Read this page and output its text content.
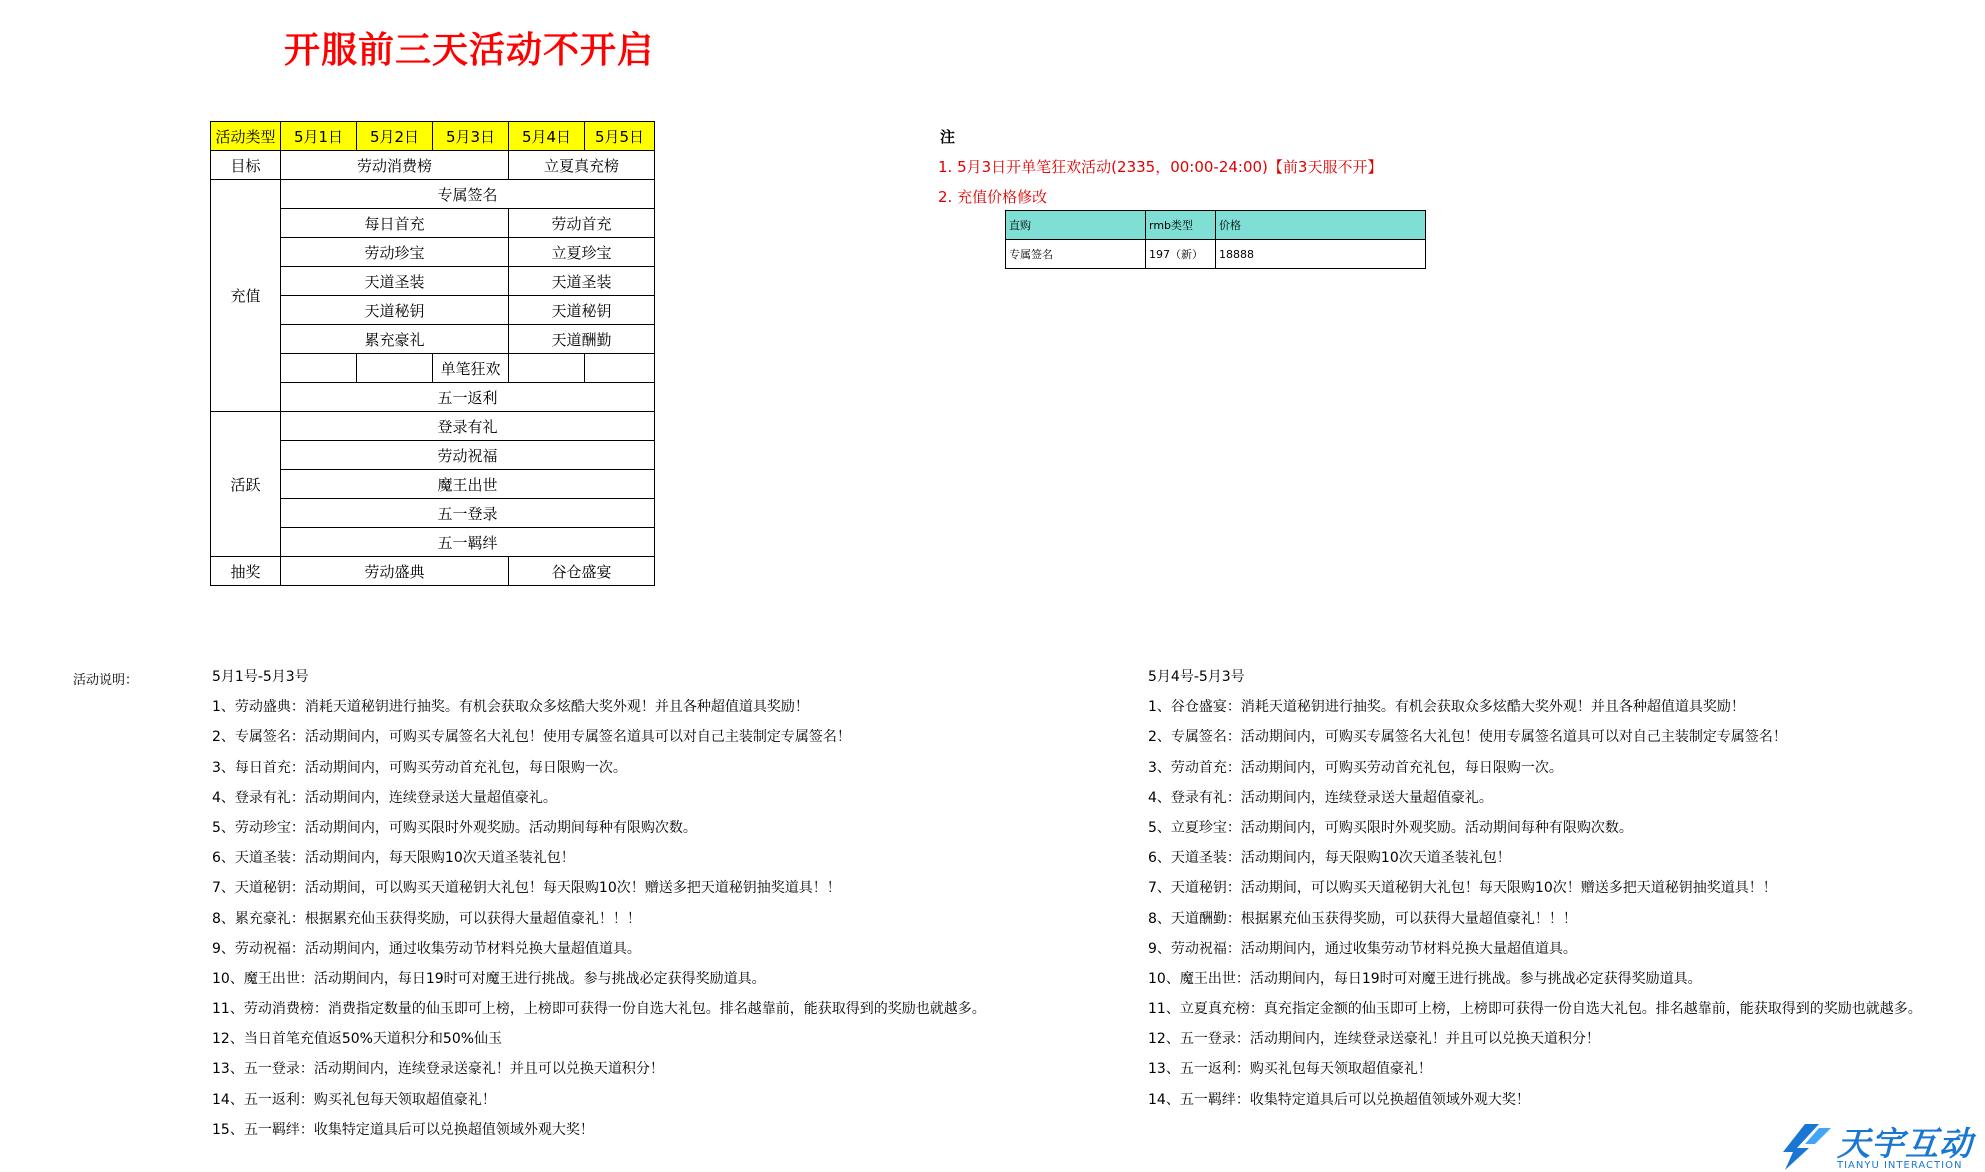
开服前三天活动不开启
活动类型	5月1日	5月2日	5月3日	5月4日	5月5日
目标	劳动消费榜			立夏真充榜	
充值	专属签名				
	每日首充			劳动首充	
	劳动珍宝			立夏珍宝	
	天道圣装			天道圣装	
	天道秘钥			天道秘钥	
	累充豪礼			天道酬勤	
			单笔狂欢		
	五一返利				
活跃	登录有礼				
	劳动祝福				
	魔王出世				
	五一登录				
	五一羁绊				
抽奖	劳动盛典			谷仓盛宴	
注
1. 5月3日开单笔狂欢活动(2335，00:00-24:00)【前3天服不开】
2. 充值价格修改
直购	rmb类型	价格
专属签名	197（新）	18888
活动说明：	5月1号-5月3号
1、劳动盛典：消耗天道秘钥进行抽奖。有机会获取众多炫酷大奖外观！并且各种超值道具奖励！
2、专属签名：活动期间内，可购买专属签名大礼包！使用专属签名道具可以对自己主装制定专属签名！
3、每日首充：活动期间内，可购买劳动首充礼包，每日限购一次。
4、登录有礼：活动期间内，连续登录送大量超值豪礼。
5、劳动珍宝：活动期间内，可购买限时外观奖励。活动期间每种有限购次数。
6、天道圣装：活动期间内，每天限购10次天道圣装礼包！
7、天道秘钥：活动期间，可以购买天道秘钥大礼包！每天限购10次！赠送多把天道秘钥抽奖道具！！
8、累充豪礼：根据累充仙玉获得奖励，可以获得大量超值豪礼！！！
9、劳动祝福：活动期间内，通过收集劳动节材料兑换大量超值道具。
10、魔王出世：活动期间内，每日19时可对魔王进行挑战。参与挑战必定获得奖励道具。
11、劳动消费榜：消费指定数量的仙玉即可上榜，上榜即可获得一份自选大礼包。排名越靠前，能获取得到的奖励也就越多。
12、当日首笔充值返50%天道积分和50%仙玉
13、五一登录：活动期间内，连续登录送豪礼！并且可以兑换天道积分！
14、五一返利：购买礼包每天领取超值豪礼！
15、五一羁绊：收集特定道具后可以兑换超值领域外观大奖！
5月4号-5月3号
1、谷仓盛宴：消耗天道秘钥进行抽奖。有机会获取众多炫酷大奖外观！并且各种超值道具奖励！
2、专属签名：活动期间内，可购买专属签名大礼包！使用专属签名道具可以对自己主装制定专属签名！
3、劳动首充：活动期间内，可购买劳动首充礼包，每日限购一次。
4、登录有礼：活动期间内，连续登录送大量超值豪礼。
5、立夏珍宝：活动期间内，可购买限时外观奖励。活动期间每种有限购次数。
6、天道圣装：活动期间内，每天限购10次天道圣装礼包！
7、天道秘钥：活动期间，可以购买天道秘钥大礼包！每天限购10次！赠送多把天道秘钥抽奖道具！！
8、天道酬勤：根据累充仙玉获得奖励，可以获得大量超值豪礼！！！
9、劳动祝福：活动期间内，通过收集劳动节材料兑换大量超值道具。
10、魔王出世：活动期间内，每日19时可对魔王进行挑战。参与挑战必定获得奖励道具。
11、立夏真充榜：真充指定金额的仙玉即可上榜，上榜即可获得一份自选大礼包。排名越靠前，能获取得到的奖励也就越多。
12、五一登录：活动期间内，连续登录送豪礼！并且可以兑换天道积分！
13、五一返利：购买礼包每天领取超值豪礼！
14、五一羁绊：收集特定道具后可以兑换超值领域外观大奖！
天宇互动
TIANYU INTERACTION
